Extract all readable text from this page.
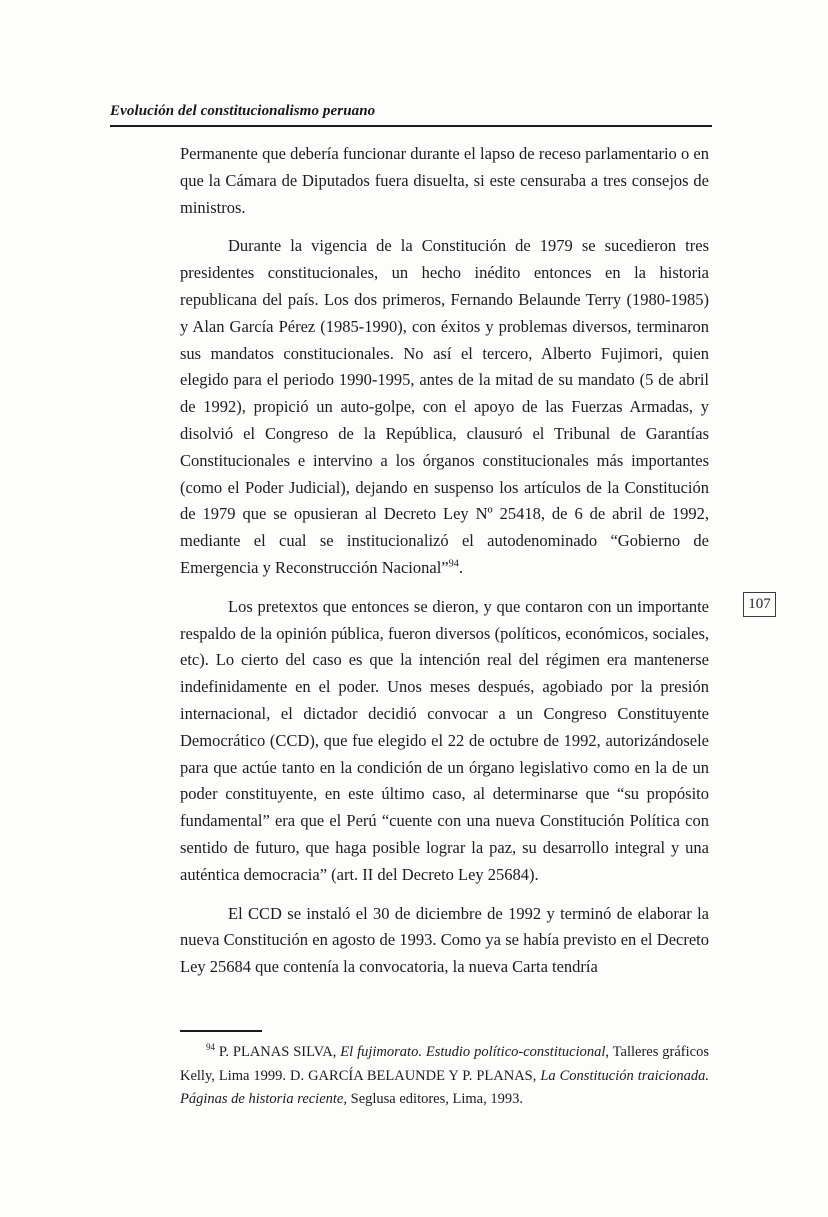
Evolución del constitucionalismo peruano
107

Permanente que debería funcionar durante el lapso de receso parlamentario o en que la Cámara de Diputados fuera disuelta, si este censuraba a tres consejos de ministros.

Durante la vigencia de la Constitución de 1979 se sucedieron tres presidentes constitucionales, un hecho inédito entonces en la historia republicana del país. Los dos primeros, Fernando Belaunde Terry (1980-1985) y Alan García Pérez (1985-1990), con éxitos y problemas diversos, terminaron sus mandatos constitucionales. No así el tercero, Alberto Fujimori, quien elegido para el periodo 1990-1995, antes de la mitad de su mandato (5 de abril de 1992), propició un auto-golpe, con el apoyo de las Fuerzas Armadas, y disolvió el Congreso de la República, clausuró el Tribunal de Garantías Constitucionales e intervino a los órganos constitucionales más importantes (como el Poder Judicial), dejando en suspenso los artículos de la Constitución de 1979 que se opusieran al Decreto Ley Nº 25418, de 6 de abril de 1992, mediante el cual se institucionalizó el autodenominado “Gobierno de Emergencia y Reconstrucción Nacional”$^{94}$.

Los pretextos que entonces se dieron, y que contaron con un importante respaldo de la opinión pública, fueron diversos (políticos, económicos, sociales, etc). Lo cierto del caso es que la intención real del régimen era mantenerse indefinidamente en el poder. Unos meses después, agobiado por la presión internacional, el dictador decidió convocar a un Congreso Constituyente Democrático (CCD), que fue elegido el 22 de octubre de 1992, autorizándosele para que actúe tanto en la condición de un órgano legislativo como en la de un poder constituyente, en este último caso, al determinarse que “su propósito fundamental” era que el Perú “cuente con una nueva Constitución Política con sentido de futuro, que haga posible lograr la paz, su desarrollo integral y una auténtica democracia” (art. II del Decreto Ley 25684).

El CCD se instaló el 30 de diciembre de 1992 y terminó de elaborar la nueva Constitución en agosto de 1993. Como ya se había previsto en el Decreto Ley 25684 que contenía la convocatoria, la nueva Carta tendría

$^{94}$ P. PLANAS SILVA, El fujimorato. Estudio político-constitucional, Talleres gráficos Kelly, Lima 1999. D. GARCÍA BELAUNDE Y P. PLANAS, La Constitución traicionada. Páginas de historia reciente, Seglusa editores, Lima, 1993.
